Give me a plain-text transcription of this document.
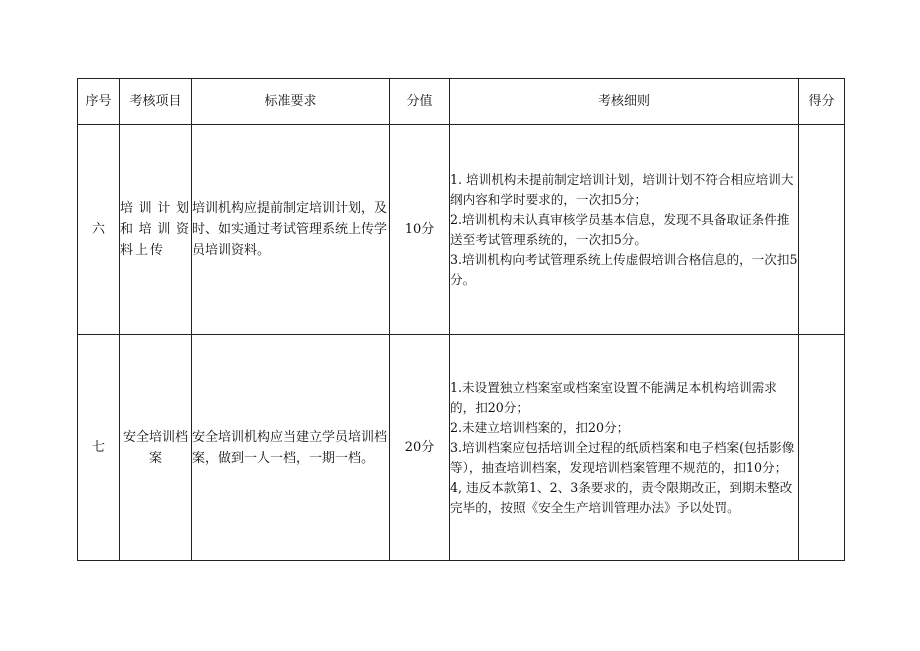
序号	考核项目	标准要求	分值	考核细则	得分
六	培训计划和培训资料上传	培训机构应提前制定培训计划，及时、如实通过考试管理系统上传学员培训资料。	10分	1. 培训机构未提前制定培训计划，培训计划不符合相应培训大纲内容和学时要求的，一次扣5分；

2.培训机构未认真审核学员基本信息，发现不具备取证条件推送至考试管理系统的，一次扣5分。

3.培训机构向考试管理系统上传虚假培训合格信息的，一次扣5分。	

七	安全培训档案	安全培训机构应当建立学员培训档案，做到一人一档，一期一档。	20分	1.未设置独立档案室或档案室设置不能满足本机构培训需求的，扣20分；

2.未建立培训档案的，扣20分；

3.培训档案应包括培训全过程的纸质档案和电子档案(包括影像等），抽查培训档案，发现培训档案管理不规范的，扣10分；

4, 违反本款第1、2、3条要求的，责令限期改正，到期未整改完毕的，按照《安全生产培训管理办法》予以处罚。	
